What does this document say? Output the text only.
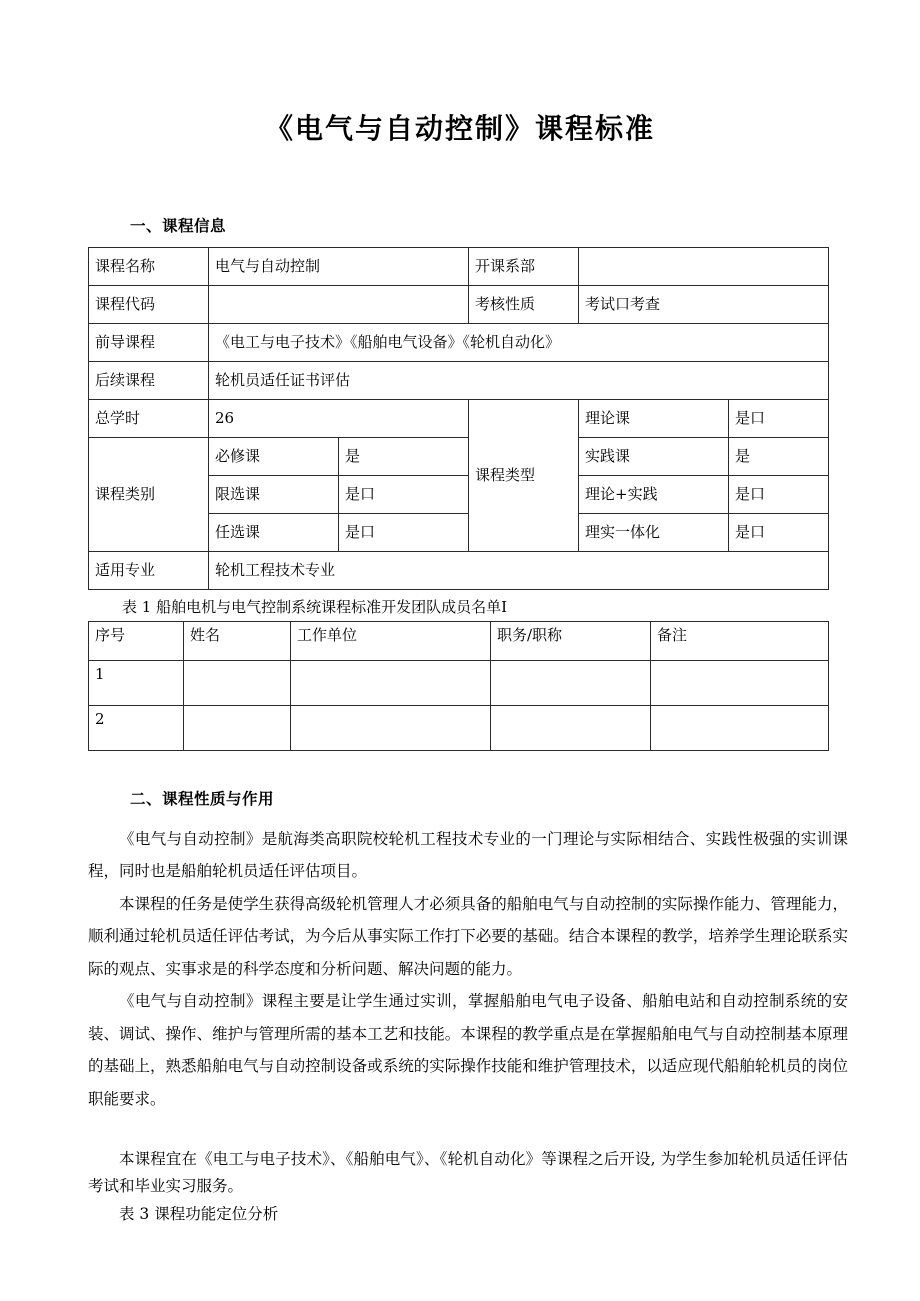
《电气与自动控制》课程标准
一、课程信息
课程名称	电气与自动控制		开课系部		
课程代码			考核性质	考试口考查	
前导课程	《电工与电子技术》《船舶电气设备》《轮机自动化》				
后续课程	轮机员适任证书评估				
总学时	26		课程类型	理论课	是口
课程类别	必修课	是		实践课	是
	限选课	是口		理论+实践	是口
	任选课	是口		理实一体化	是口
适用专业	轮机工程技术专业				

表 1 船舶电机与电气控制系统课程标准开发团队成员名单Ⅰ

序号	姓名	工作单位	职务/职称	备注
1				
2				
二、课程性质与作用

《电气与自动控制》是航海类高职院校轮机工程技术专业的一门理论与实际相结合、实践性极强的实训课程，同时也是船舶轮机员适任评估项目。

本课程的任务是使学生获得高级轮机管理人才必须具备的船舶电气与自动控制的实际操作能力、管理能力，顺利通过轮机员适任评估考试，为今后从事实际工作打下必要的基础。结合本课程的教学，培养学生理论联系实际的观点、实事求是的科学态度和分析问题、解决问题的能力。

《电气与自动控制》课程主要是让学生通过实训，掌握船舶电气电子设备、船舶电站和自动控制系统的安装、调试、操作、维护与管理所需的基本工艺和技能。本课程的教学重点是在掌握船舶电气与自动控制基本原理的基础上，熟悉船舶电气与自动控制设备或系统的实际操作技能和维护管理技术，以适应现代船舶轮机员的岗位职能要求。

本课程宜在《电工与电子技术》、《船舶电气》、《轮机自动化》等课程之后开设, 为学生参加轮机员适任评估考试和毕业实习服务。

表 3 课程功能定位分析
